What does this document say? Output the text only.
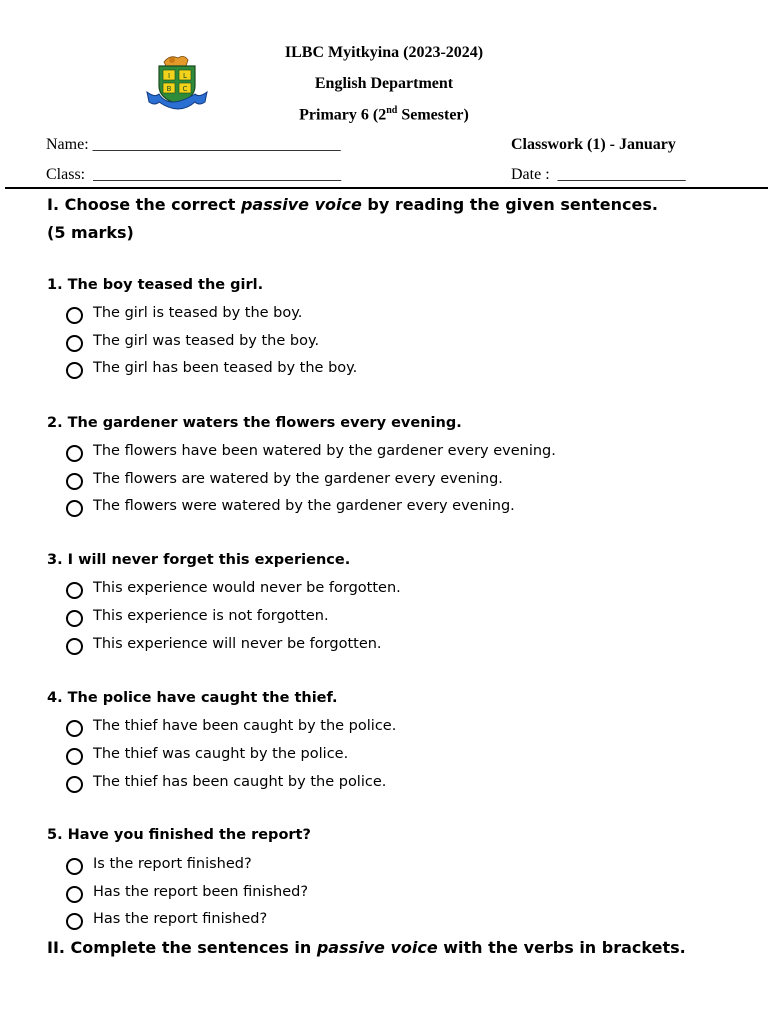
I L
B C
ILBC Myitkyina (2023-2024)
English Department
Primary 6 (2nd Semester)
Name: _______________________________	Classwork (1) - January
Class: _______________________________	Date : ________________
I. Choose the correct passive voice by reading the given sentences.
(5 marks)
1. The boy teased the girl.
The girl is teased by the boy.
The girl was teased by the boy.
The girl has been teased by the boy.
2. The gardener waters the flowers every evening.
The flowers have been watered by the gardener every evening.
The flowers are watered by the gardener every evening.
The flowers were watered by the gardener every evening.
3. I will never forget this experience.
This experience would never be forgotten.
This experience is not forgotten.
This experience will never be forgotten.
4. The police have caught the thief.
The thief have been caught by the police.
The thief was caught by the police.
The thief has been caught by the police.
5. Have you finished the report?
Is the report finished?
Has the report been finished?
Has the report finished?
II. Complete the sentences in passive voice with the verbs in brackets.
